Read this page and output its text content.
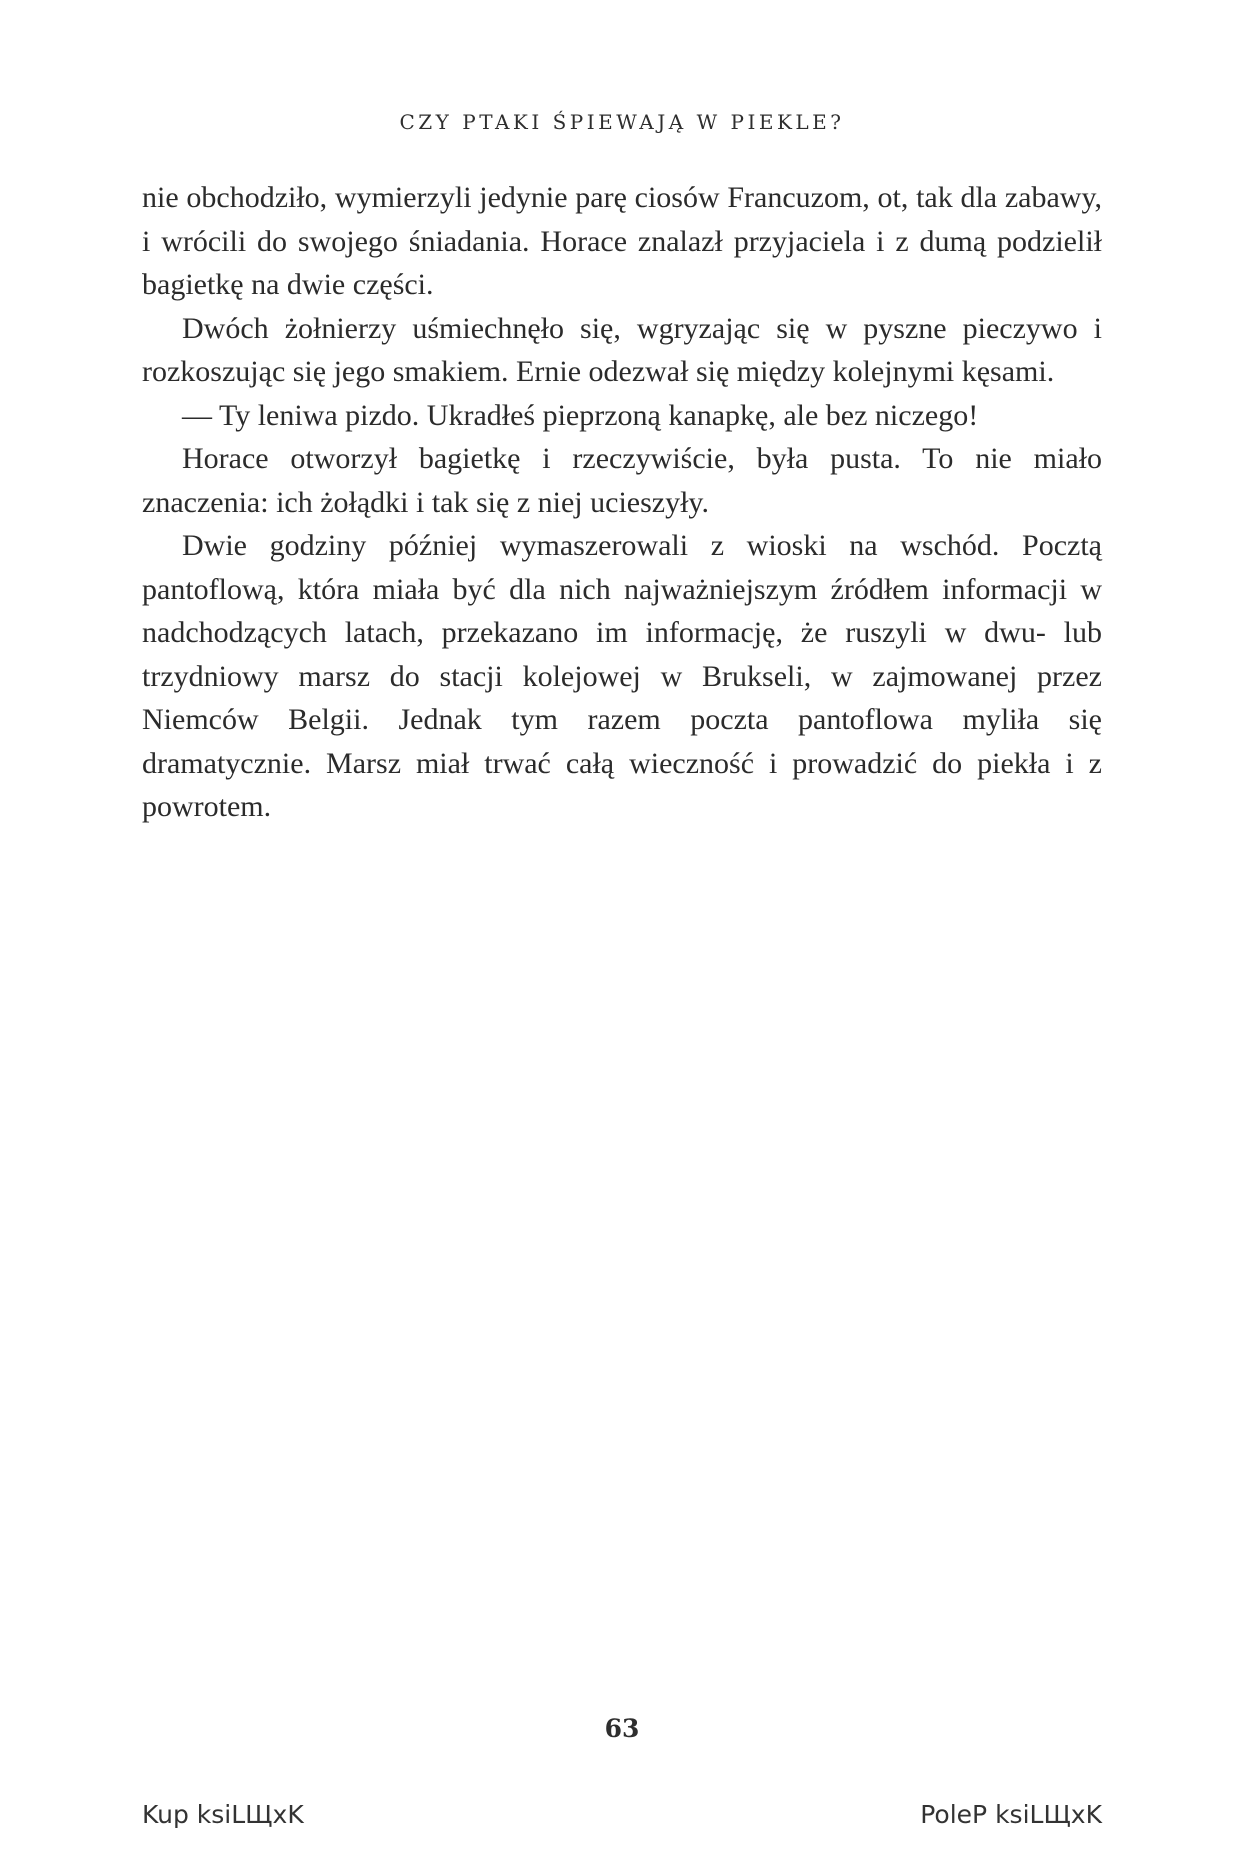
CZY PTAKI ŚPIEWAJĄ W PIEKLE?

nie obchodziło, wymierzyli jedynie parę ciosów Francuzom, ot, tak dla zabawy, i wrócili do swojego śniadania. Horace znalazł przyjaciela i z dumą podzielił bagietkę na dwie części.

Dwóch żołnierzy uśmiechnęło się, wgryzając się w pyszne pieczywo i rozkoszując się jego smakiem. Ernie odezwał się między kolejnymi kęsami.

— Ty leniwa pizdo. Ukradłeś pieprzoną kanapkę, ale bez niczego!

Horace otworzył bagietkę i rzeczywiście, była pusta. To nie miało znaczenia: ich żołądki i tak się z niej ucieszyły.

Dwie godziny później wymaszerowali z wioski na wschód. Pocztą pantoflową, która miała być dla nich najważniejszym źródłem informacji w nadchodzących latach, przekazano im informację, że ruszyli w dwu- lub trzydniowy marsz do stacji kolejowej w Brukseli, w zajmowanej przez Niemców Belgii. Jednak tym razem poczta pantoflowa myliła się dramatycznie. Marsz miał trwać całą wieczność i prowadzić do piekła i z powrotem.

63
Kup ksiLЩxK	PoleP ksiLЩxK
